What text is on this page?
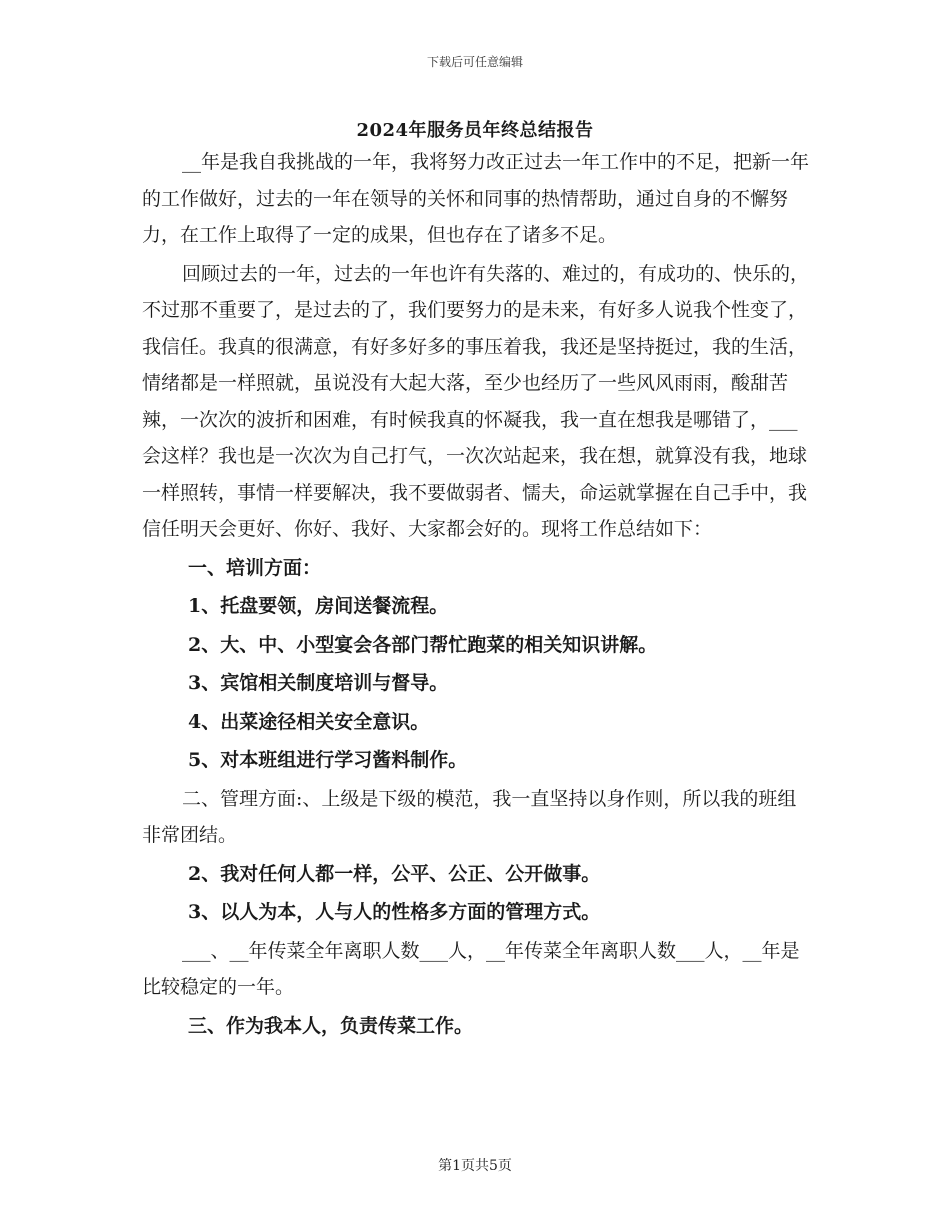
下载后可任意编辑
2024年服务员年终总结报告

__年是我自我挑战的一年，我将努力改正过去一年工作中的不足，把新一年的工作做好，过去的一年在领导的关怀和同事的热情帮助，通过自身的不懈努力，在工作上取得了一定的成果，但也存在了诸多不足。

回顾过去的一年，过去的一年也许有失落的、难过的，有成功的、快乐的，不过那不重要了，是过去的了，我们要努力的是未来，有好多人说我个性变了，我信任。我真的很满意，有好多好多的事压着我，我还是坚持挺过，我的生活，情绪都是一样照就，虽说没有大起大落，至少也经历了一些风风雨雨，酸甜苦辣，一次次的波折和困难，有时候我真的怀凝我，我一直在想我是哪错了，___会这样？我也是一次次为自己打气，一次次站起来，我在想，就算没有我，地球一样照转，事情一样要解决，我不要做弱者、懦夫，命运就掌握在自己手中，我信任明天会更好、你好、我好、大家都会好的。现将工作总结如下：

一、培训方面：

1、托盘要领，房间送餐流程。

2、大、中、小型宴会各部门帮忙跑菜的相关知识讲解。

3、宾馆相关制度培训与督导。

4、出菜途径相关安全意识。

5、对本班组进行学习酱料制作。

二、管理方面:、上级是下级的模范，我一直坚持以身作则，所以我的班组非常团结。

2、我对任何人都一样，公平、公正、公开做事。

3、以人为本，人与人的性格多方面的管理方式。

___、__年传菜全年离职人数___人，__年传菜全年离职人数___人，__年是比较稳定的一年。

三、作为我本人，负责传菜工作。

第1页共5页
